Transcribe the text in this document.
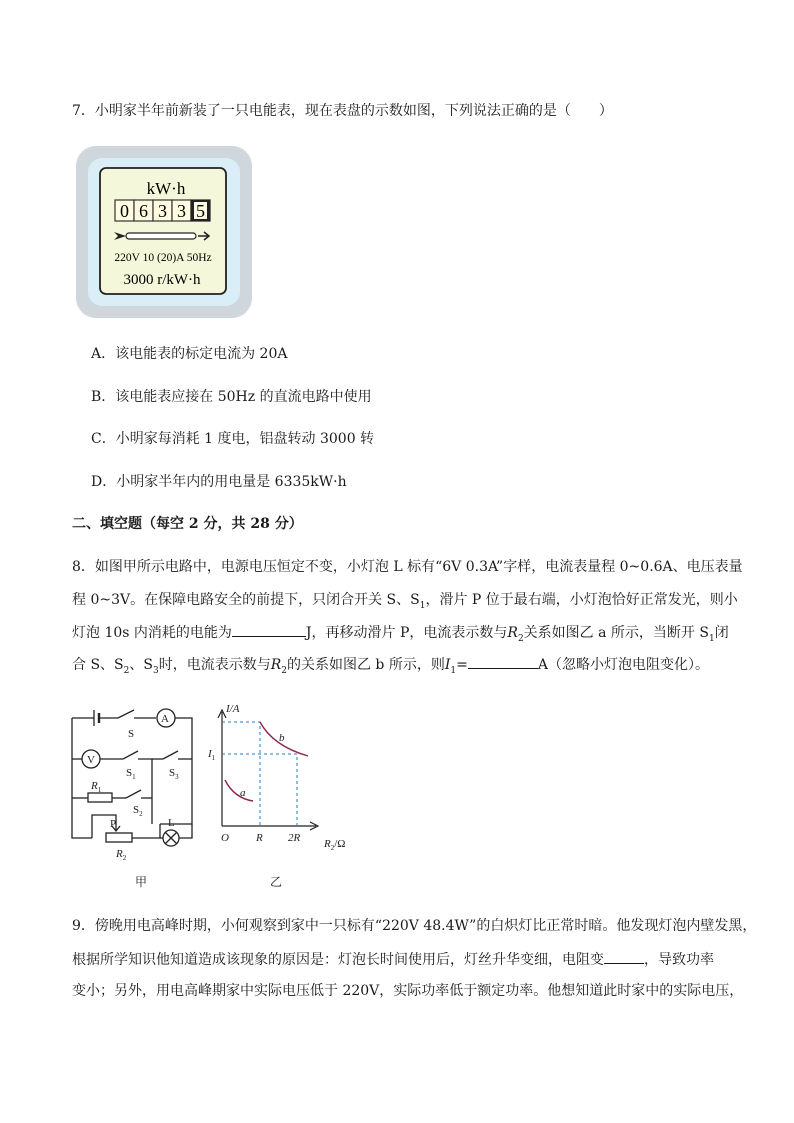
7．小明家半年前新装了一只电能表，现在表盘的示数如图，下列说法正确的是（　　）
kW·h
0 6 3 3 5
220V 10 (20)A 50Hz
3000 r/kW·h
A．该电能表的标定电流为 20A
B．该电能表应接在 50Hz 的直流电路中使用
C．小明家每消耗 1 度电，铝盘转动 3000 转
D．小明家半年内的用电量是 6335kW·h
二、填空题（每空 2 分，共 28 分）
8．如图甲所示电路中，电源电压恒定不变，小灯泡 L 标有“6V 0.3A”字样，电流表量程 0~0.6A、电压表量
程 0~3V。在保障电路安全的前提下，只闭合开关 S、$S_1$，滑片 P 位于最右端，小灯泡恰好正常发光，则小
灯泡 10s 内消耗的电能为	J，再移动滑片 P，电流表示数与$R_2$关系如图乙 a 所示，当断开 $S_1$闭
合 S、$S_2$、$S_3$时，电流表示数与$R_2$的关系如图乙 b 所示，则$I_1=$	A（忽略小灯泡电阻变化）。
A
V
S
$S_1$	$S_3$
$R_1$
$S_2$
P	L
$R_2$
甲
I/A
$I_1$
O R 2R $R_2/\Omega$
a
b
乙
9．傍晚用电高峰时期，小何观察到家中一只标有“220V 48.4W”的白炽灯比正常时暗。他发现灯泡内壁发黑，
根据所学知识他知道造成该现象的原因是：灯泡长时间使用后，灯丝升华变细，电阻变	，导致功率
变小；另外，用电高峰期家中实际电压低于 220V，实际功率低于额定功率。他想知道此时家中的实际电压，
